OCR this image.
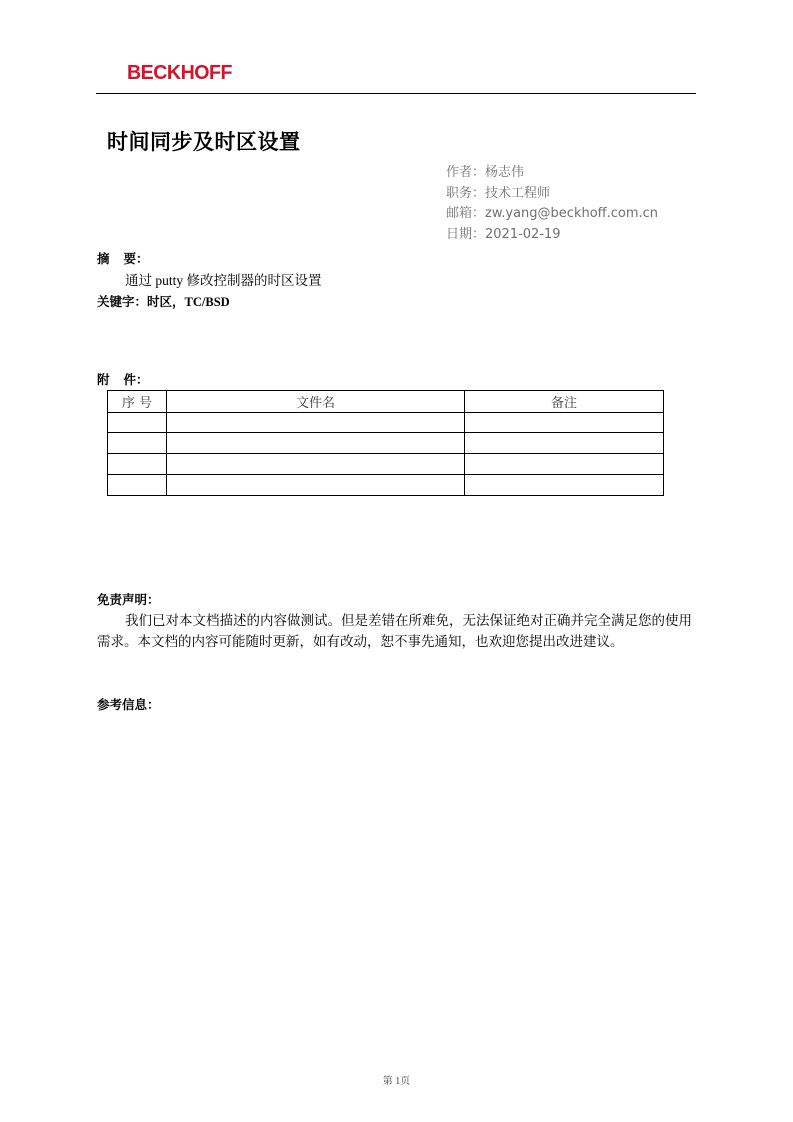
BECKHOFF
时间同步及时区设置
作者：杨志伟
职务：技术工程师
邮箱：zw.yang@beckhoff.com.cn
日期：2021-02-19
摘 要：
通过 putty 修改控制器的时区设置
关键字：时区，TC/BSD
附 件：
序 号	文件名	备注

免责声明：

我们已对本文档描述的内容做测试。但是差错在所难免，无法保证绝对正确并完全满足您的使用需求。本文档的内容可能随时更新，如有改动，恕不事先通知，也欢迎您提出改进建议。

参考信息：
第 1页
